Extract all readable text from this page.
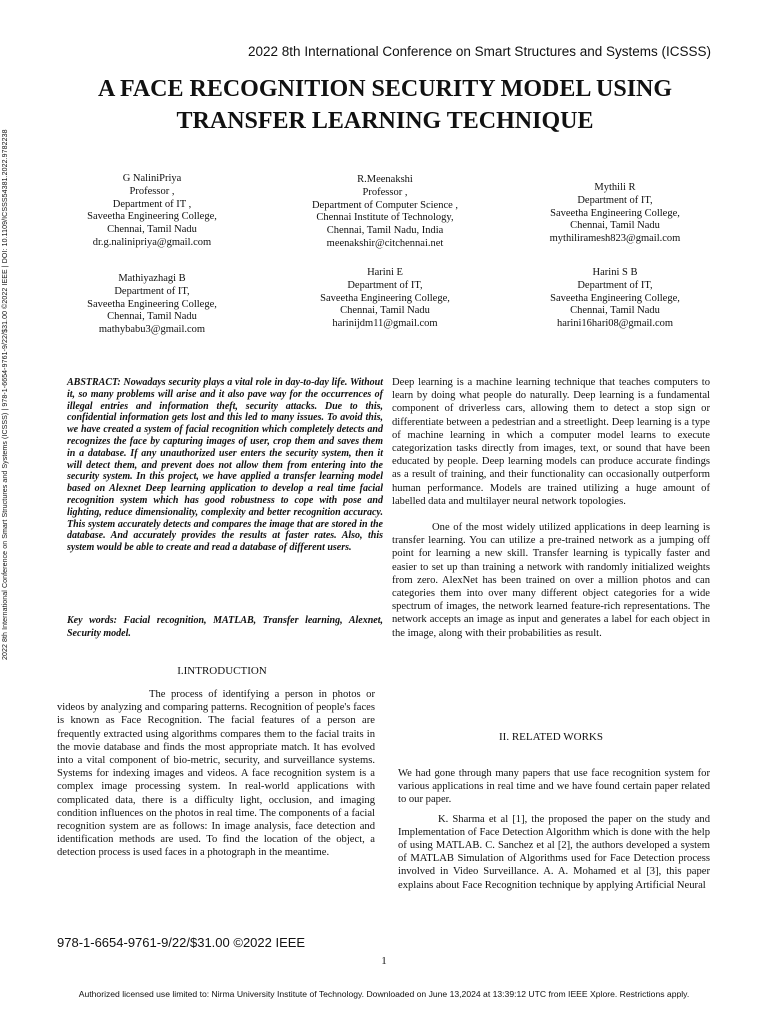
2022 8th International Conference on Smart Structures and Systems (ICSSS)
A FACE RECOGNITION SECURITY MODEL USING
TRANSFER LEARNING TECHNIQUE
G NaliniPriya
Professor ,
Department of IT ,
Saveetha Engineering College,
Chennai, Tamil Nadu
dr.g.nalinipriya@gmail.com
R.Meenakshi
Professor ,
Department of Computer Science ,
Chennai Institute of Technology,
Chennai, Tamil Nadu, India
meenakshir@citchennai.net
Mythili R
Department of IT,
Saveetha Engineering College,
Chennai, Tamil Nadu
mythiliramesh823@gmail.com
Mathiyazhagi B
Department of IT,
Saveetha Engineering College,
Chennai, Tamil Nadu
mathybabu3@gmail.com
Harini E
Department of IT,
Saveetha Engineering College,
Chennai, Tamil Nadu
harinijdm11@gmail.com
Harini S B
Department of IT,
Saveetha Engineering College,
Chennai, Tamil Nadu
harini16hari08@gmail.com
2022 8th International Conference on Smart Structures and Systems (ICSSS) | 978-1-6654-9761-9/22/$31.00 ©2022 IEEE | DOI: 10.1109/ICSSS54381.2022.9782238	ABSTRACT: Nowadays security plays a vital role in day-to-day life. Without it, so many problems will arise and it also pave way for the occurrences of illegal entries and information theft, security attacks. Due to this, confidential information gets lost and this led to many issues. To avoid this, we have created a system of facial recognition which completely detects and recognizes the face by capturing images of user, crop them and saves them in a database. If any unauthorized user enters the security system, then it will detect them, and prevent does not allow them from entering into the security system. In this project, we have applied a transfer learning model based on Alexnet Deep learning application to develop a real time facial recognition system which has good robustness to cope with pose and lighting, reduce dimensionality, complexity and better recognition accuracy. This system accurately detects and compares the image that are stored in the database. And accurately provides the results at faster rates. Also, this system would be able to create and read a database of different users.
Key words: Facial recognition, MATLAB, Transfer learning, Alexnet, Security model.
I.INTRODUCTION

The process of identifying a person in photos or videos by analyzing and comparing patterns. Recognition of people's faces is known as Face Recognition. The facial features of a person are frequently extracted using algorithms compares them to the facial traits in the movie database and finds the most appropriate match. It has evolved into a vital component of bio-metric, security, and surveillance systems. Systems for indexing images and videos. A face recognition system is a complex image processing system. In real-world applications with complicated data, there is a difficulty light, occlusion, and imaging condition influences on the photos in real time. The components of a facial recognition system are as follows: In image analysis, face detection and identification methods are used. To find the location of the object, a detection process is used faces in a photograph in the meantime.

Deep learning is a machine learning technique that teaches computers to learn by doing what people do naturally. Deep learning is a fundamental component of driverless cars, allowing them to detect a stop sign or differentiate between a pedestrian and a streetlight. Deep learning is a type of machine learning in which a computer model learns to execute categorization tasks directly from images, text, or sound that have been educated by people. Deep learning models can produce accurate findings as a result of training, and their functionality can occasionally outperform human performance. Models are trained utilizing a huge amount of labelled data and multilayer neural network topologies.

One of the most widely utilized applications in deep learning is transfer learning. You can utilize a pre-trained network as a jumping off point for learning a new skill. Transfer learning is typically faster and easier to set up than training a network with randomly initialized weights from zero. AlexNet has been trained on over a million photos and can categories them into over many different object categories for a wide spectrum of images, the network learned feature-rich representations. The network accepts an image as input and generates a label for each object in the image, along with their probabilities as result.

II. RELATED WORKS

We had gone through many papers that use face recognition system for various applications in real time and we have found certain paper related to our paper.

K. Sharma et al [1], the proposed the paper on the study and Implementation of Face Detection Algorithm which is done with the help of using MATLAB. C. Sanchez et al [2], the authors developed a system of MATLAB Simulation of Algorithms used for Face Detection process involved in Video Surveillance. A. A. Mohamed et al [3], this paper explains about Face Recognition technique by applying Artificial Neural

978-1-6654-9761-9/22/$31.00 ©2022 IEEE
1
Authorized licensed use limited to: Nirma University Institute of Technology. Downloaded on June 13,2024 at 13:39:12 UTC from IEEE Xplore. Restrictions apply.
